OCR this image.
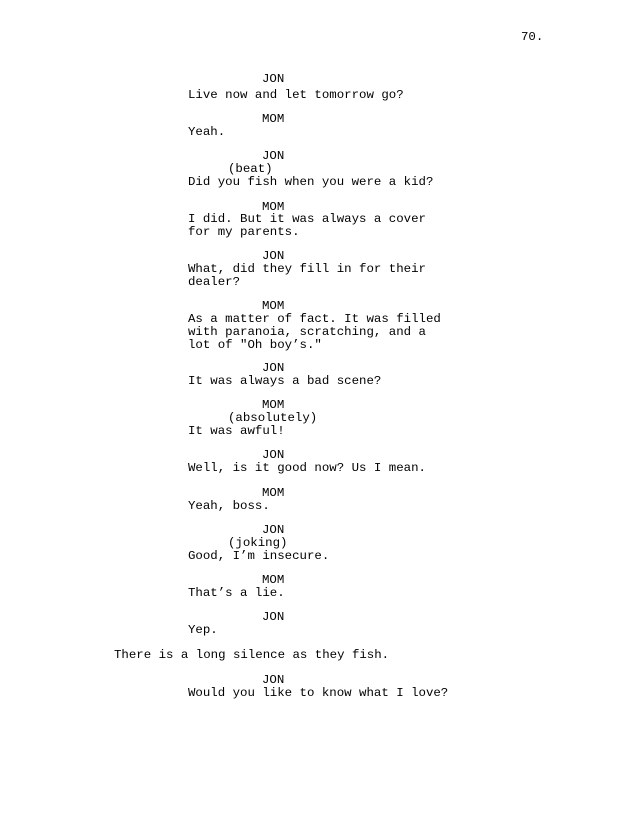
70.
JON
Live now and let tomorrow go?
MOM
Yeah.
JON
(beat)
Did you fish when you were a kid?
MOM
I did. But it was always a cover
for my parents.
JON
What, did they fill in for their
dealer?
MOM
As a matter of fact. It was filled
with paranoia, scratching, and a
lot of "Oh boy’s."
JON
It was always a bad scene?
MOM
(absolutely)
It was awful!
JON
Well, is it good now? Us I mean.
MOM
Yeah, boss.
JON
(joking)
Good, I’m insecure.
MOM
That’s a lie.
JON
Yep.
There is a long silence as they fish.
JON
Would you like to know what I love?
